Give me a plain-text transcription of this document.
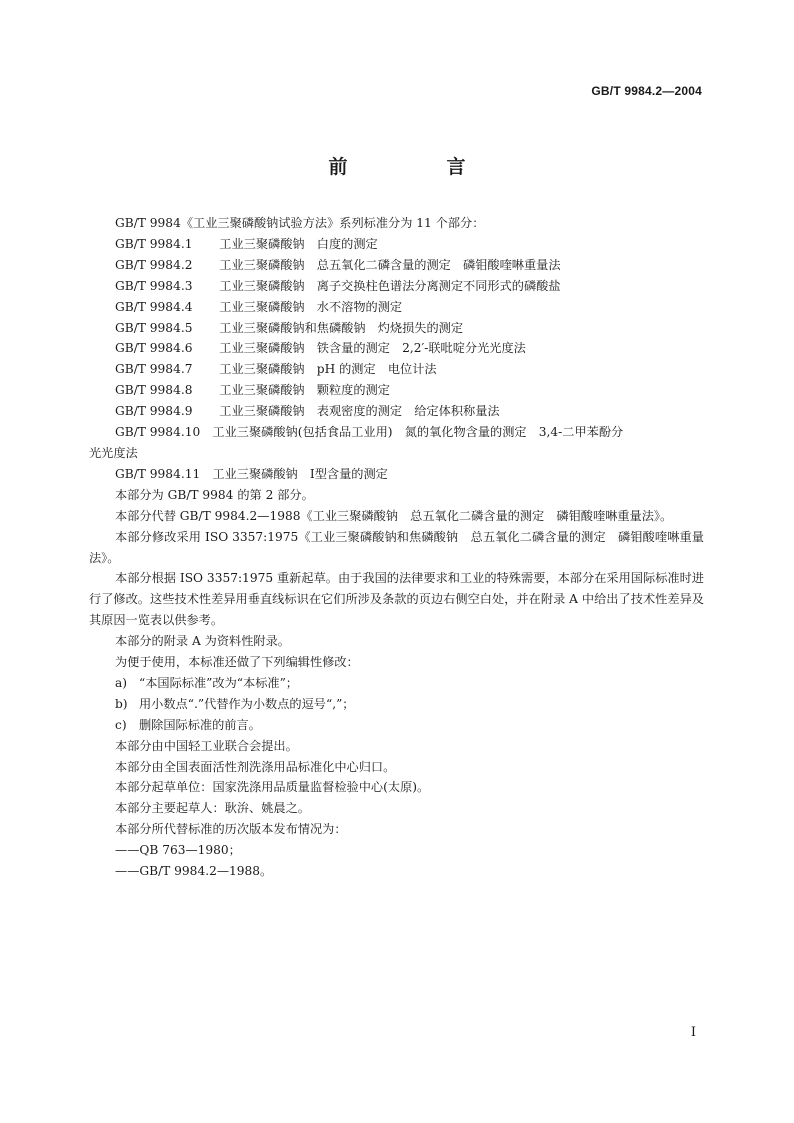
GB/T 9984.2—2004
前　言

GB/T 9984《工业三聚磷酸钠试验方法》系列标准分为 11 个部分：

GB/T 9984.1 工业三聚磷酸钠　白度的测定

GB/T 9984.2 工业三聚磷酸钠　总五氧化二磷含量的测定　磷钼酸喹啉重量法

GB/T 9984.3 工业三聚磷酸钠　离子交换柱色谱法分离测定不同形式的磷酸盐

GB/T 9984.4 工业三聚磷酸钠　水不溶物的测定

GB/T 9984.5 工业三聚磷酸钠和焦磷酸钠　灼烧损失的测定

GB/T 9984.6 工业三聚磷酸钠　铁含量的测定　2,2′-联吡啶分光光度法

GB/T 9984.7 工业三聚磷酸钠　pH 的测定　电位计法

GB/T 9984.8 工业三聚磷酸钠　颗粒度的测定

GB/T 9984.9 工业三聚磷酸钠　表观密度的测定　给定体积称量法

GB/T 9984.10　工业三聚磷酸钠(包括食品工业用)　氮的氧化物含量的测定　3,4-二甲苯酚分

光光度法

GB/T 9984.11　工业三聚磷酸钠　Ⅰ型含量的测定

本部分为 GB/T 9984 的第 2 部分。

本部分代替 GB/T 9984.2—1988《工业三聚磷酸钠　总五氧化二磷含量的测定　磷钼酸喹啉重量法》。

本部分修改采用 ISO 3357:1975《工业三聚磷酸钠和焦磷酸钠　总五氧化二磷含量的测定　磷钼酸喹啉重量法》。

本部分根据 ISO 3357:1975 重新起草。由于我国的法律要求和工业的特殊需要，本部分在采用国际标准时进行了修改。这些技术性差异用垂直线标识在它们所涉及条款的页边右侧空白处，并在附录 A 中给出了技术性差异及其原因一览表以供参考。

本部分的附录 A 为资料性附录。

为便于使用，本标准还做了下列编辑性修改：

a) “本国际标准”改为“本标准”；

b) 用小数点“.”代替作为小数点的逗号“,”；

c) 删除国际标准的前言。

本部分由中国轻工业联合会提出。

本部分由全国表面活性剂洗涤用品标准化中心归口。

本部分起草单位：国家洗涤用品质量监督检验中心(太原)。

本部分主要起草人：耿㳎、姚晨之。

本部分所代替标准的历次版本发布情况为：

——QB 763—1980；

——GB/T 9984.2—1988。

Ⅰ
